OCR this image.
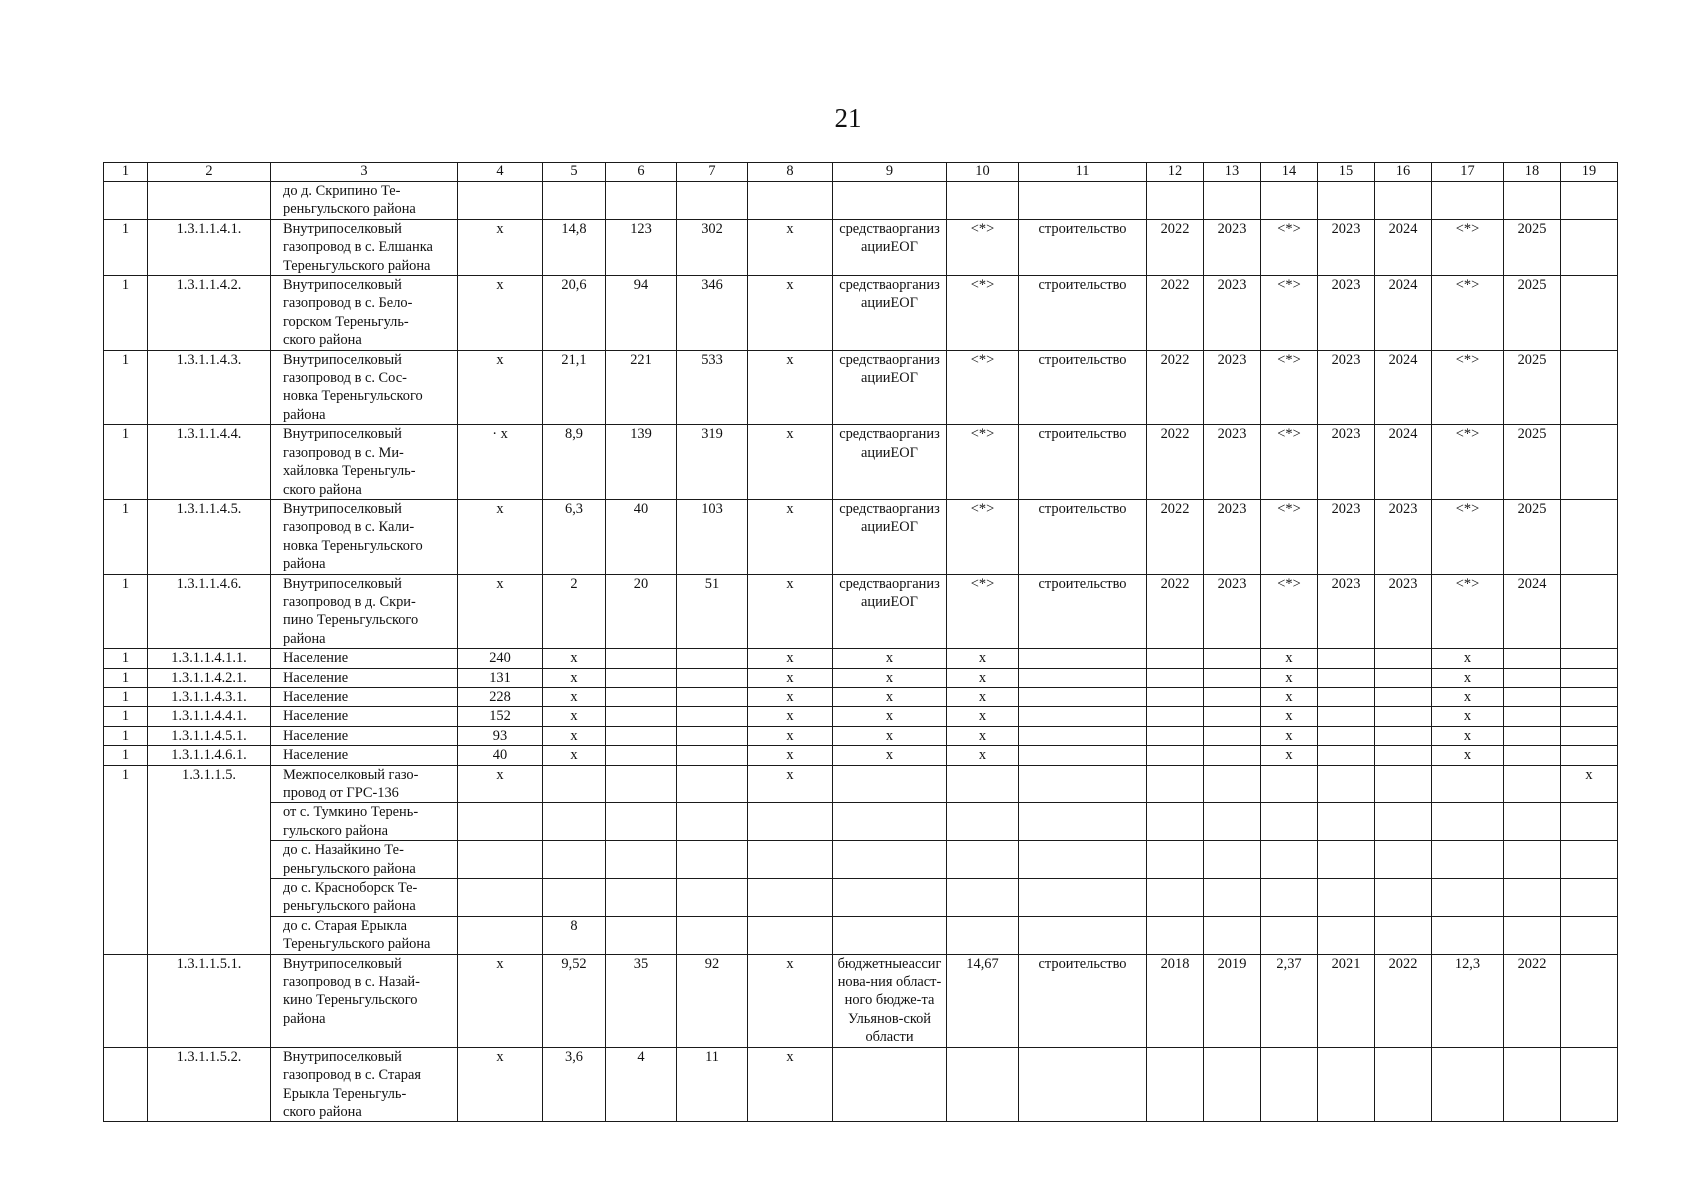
21
1	2	3	4	5	6	7	8	9	10	11	12	13	14	15	16	17	18	19

		до д. Скрипино Те-
реньгульского района																

1	1.3.1.1.4.1.	Внутрипоселковый
газопровод в с. Елшанка
Тереньгульского района	x	14,8	123	302	x	средстваорганизацииЕОГ	<*>	строительство	2022	2023	<*>	2023	2024	<*>	2025	
1	1.3.1.1.4.2.	Внутрипоселковый
газопровод в с. Бело-
горском Тереньгуль-
ского района	x	20,6	94	346	x	средстваорганизацииЕОГ	<*>	строительство	2022	2023	<*>	2023	2024	<*>	2025	
1	1.3.1.1.4.3.	Внутрипоселковый
газопровод в с. Сос-
новка Тереньгульского
района	x	21,1	221	533	x	средстваорганизацииЕОГ	<*>	строительство	2022	2023	<*>	2023	2024	<*>	2025	
1	1.3.1.1.4.4.	Внутрипоселковый
газопровод в с. Ми-
хайловка Тереньгуль-
ского района	· x	8,9	139	319	x	средстваорганизацииЕОГ	<*>	строительство	2022	2023	<*>	2023	2024	<*>	2025	
1	1.3.1.1.4.5.	Внутрипоселковый
газопровод в с. Кали-
новка Тереньгульского
района	x	6,3	40	103	x	средстваорганизацииЕОГ	<*>	строительство	2022	2023	<*>	2023	2023	<*>	2025	
1	1.3.1.1.4.6.	Внутрипоселковый
газопровод в д. Скри-
пино Тереньгульского
района	x	2	20	51	x	средстваорганизацииЕОГ	<*>	строительство	2022	2023	<*>	2023	2023	<*>	2024	
1	1.3.1.1.4.1.1.	Население	240	x			x	x	x				x			x		
1	1.3.1.1.4.2.1.	Население	131	x			x	x	x				x			x		
1	1.3.1.1.4.3.1.	Население	228	x			x	x	x				x			x		
1	1.3.1.1.4.4.1.	Население	152	x			x	x	x				x			x		
1	1.3.1.1.4.5.1.	Население	93	x			x	x	x				x			x		
1	1.3.1.1.4.6.1.	Население	40	x			x	x	x				x			x		
1	1.3.1.1.5.	Межпоселковый газо-
провод от ГРС-136	x				x											x

		от с. Тумкино Терень-
гульского района																

		до с. Назайкино Те-
реньгульского района																

		до с. Красноборск Те-
реньгульского района																

		до с. Старая Ерыкла
Тереньгульского района		8														
	1.3.1.1.5.1.	Внутрипоселковый
газопровод в с. Назай-
кино Тереньгульского
района	x	9,52	35	92	x	бюджетныеассигнова-ния област-ного бюдже-та Ульянов-ской области	14,67	строительство	2018	2019	2,37	2021	2022	12,3	2022	
	1.3.1.1.5.2.	Внутрипоселковый
газопровод в с. Старая
Ерыкла Тереньгуль-
ского района	x	3,6	4	11	x											
